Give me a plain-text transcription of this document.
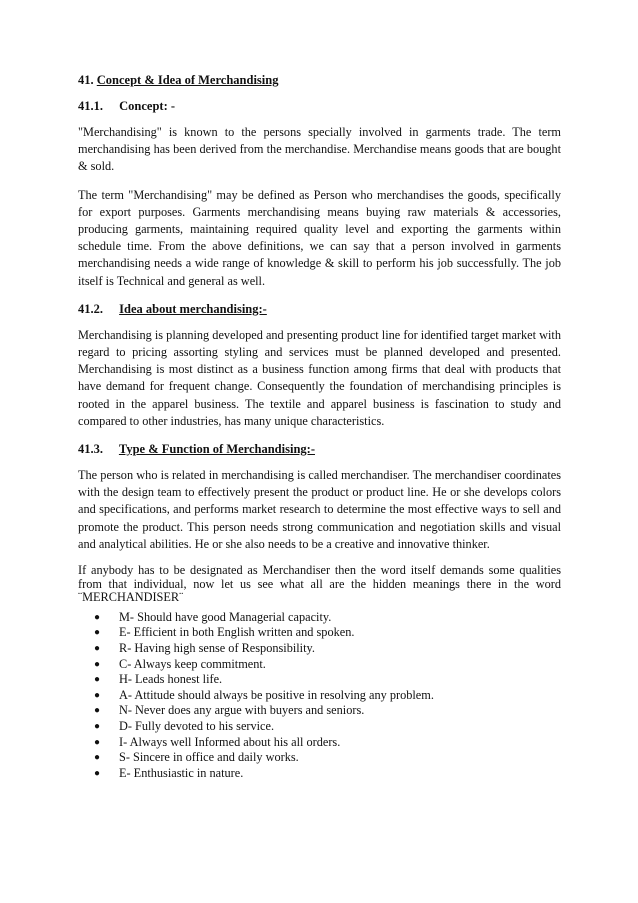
41. Concept & Idea of Merchandising
41.1. Concept: -

"Merchandising" is known to the persons specially involved in garments trade. The term merchandising has been derived from the merchandise. Merchandise means goods that are bought & sold.

The term "Merchandising" may be defined as Person who merchandises the goods, specifically for export purposes. Garments merchandising means buying raw materials & accessories, producing garments, maintaining required quality level and exporting the garments within schedule time. From the above definitions, we can say that a person involved in garments merchandising needs a wide range of knowledge & skill to perform his job successfully. The job itself is Technical and general as well.

41.2. Idea about merchandising:-

Merchandising is planning developed and presenting product line for identified target market with regard to pricing assorting styling and services must be planned developed and presented. Merchandising is most distinct as a business function among firms that deal with products that have demand for frequent change. Consequently the foundation of merchandising principles is rooted in the apparel business. The textile and apparel business is fascination to study and compared to other industries, has many unique characteristics.

41.3. Type & Function of Merchandising:-

The person who is related in merchandising is called merchandiser. The merchandiser coordinates with the design team to effectively present the product or product line. He or she develops colors and specifications, and performs market research to determine the most effective ways to sell and promote the product. This person needs strong communication and negotiation skills and visual and analytical abilities. He or she also needs to be a creative and innovative thinker.

If anybody has to be designated as Merchandiser then the word itself demands some qualities from that individual, now let us see what all are the hidden meanings there in the word ¨MERCHANDISER¨

● M- Should have good Managerial capacity.
● E- Efficient in both English written and spoken.
● R- Having high sense of Responsibility.
● C- Always keep commitment.
● H- Leads honest life.
● A- Attitude should always be positive in resolving any problem.
● N- Never does any argue with buyers and seniors.
● D- Fully devoted to his service.
● I- Always well Informed about his all orders.
● S- Sincere in office and daily works.
● E- Enthusiastic in nature.
